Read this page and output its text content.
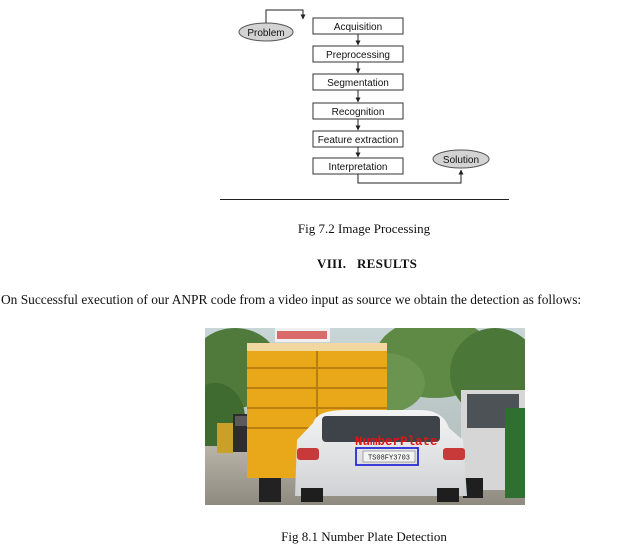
Problem
Acquisition
Preprocessing
Segmentation
Recognition
Feature extraction
Interpretation
Solution
Fig 7.2 Image Processing
VIII.   RESULTS
On Successful execution of our ANPR code from a video input as source we obtain the detection as follows:
TS08FY3703
NumberPlate
Fig 8.1 Number Plate Detection
